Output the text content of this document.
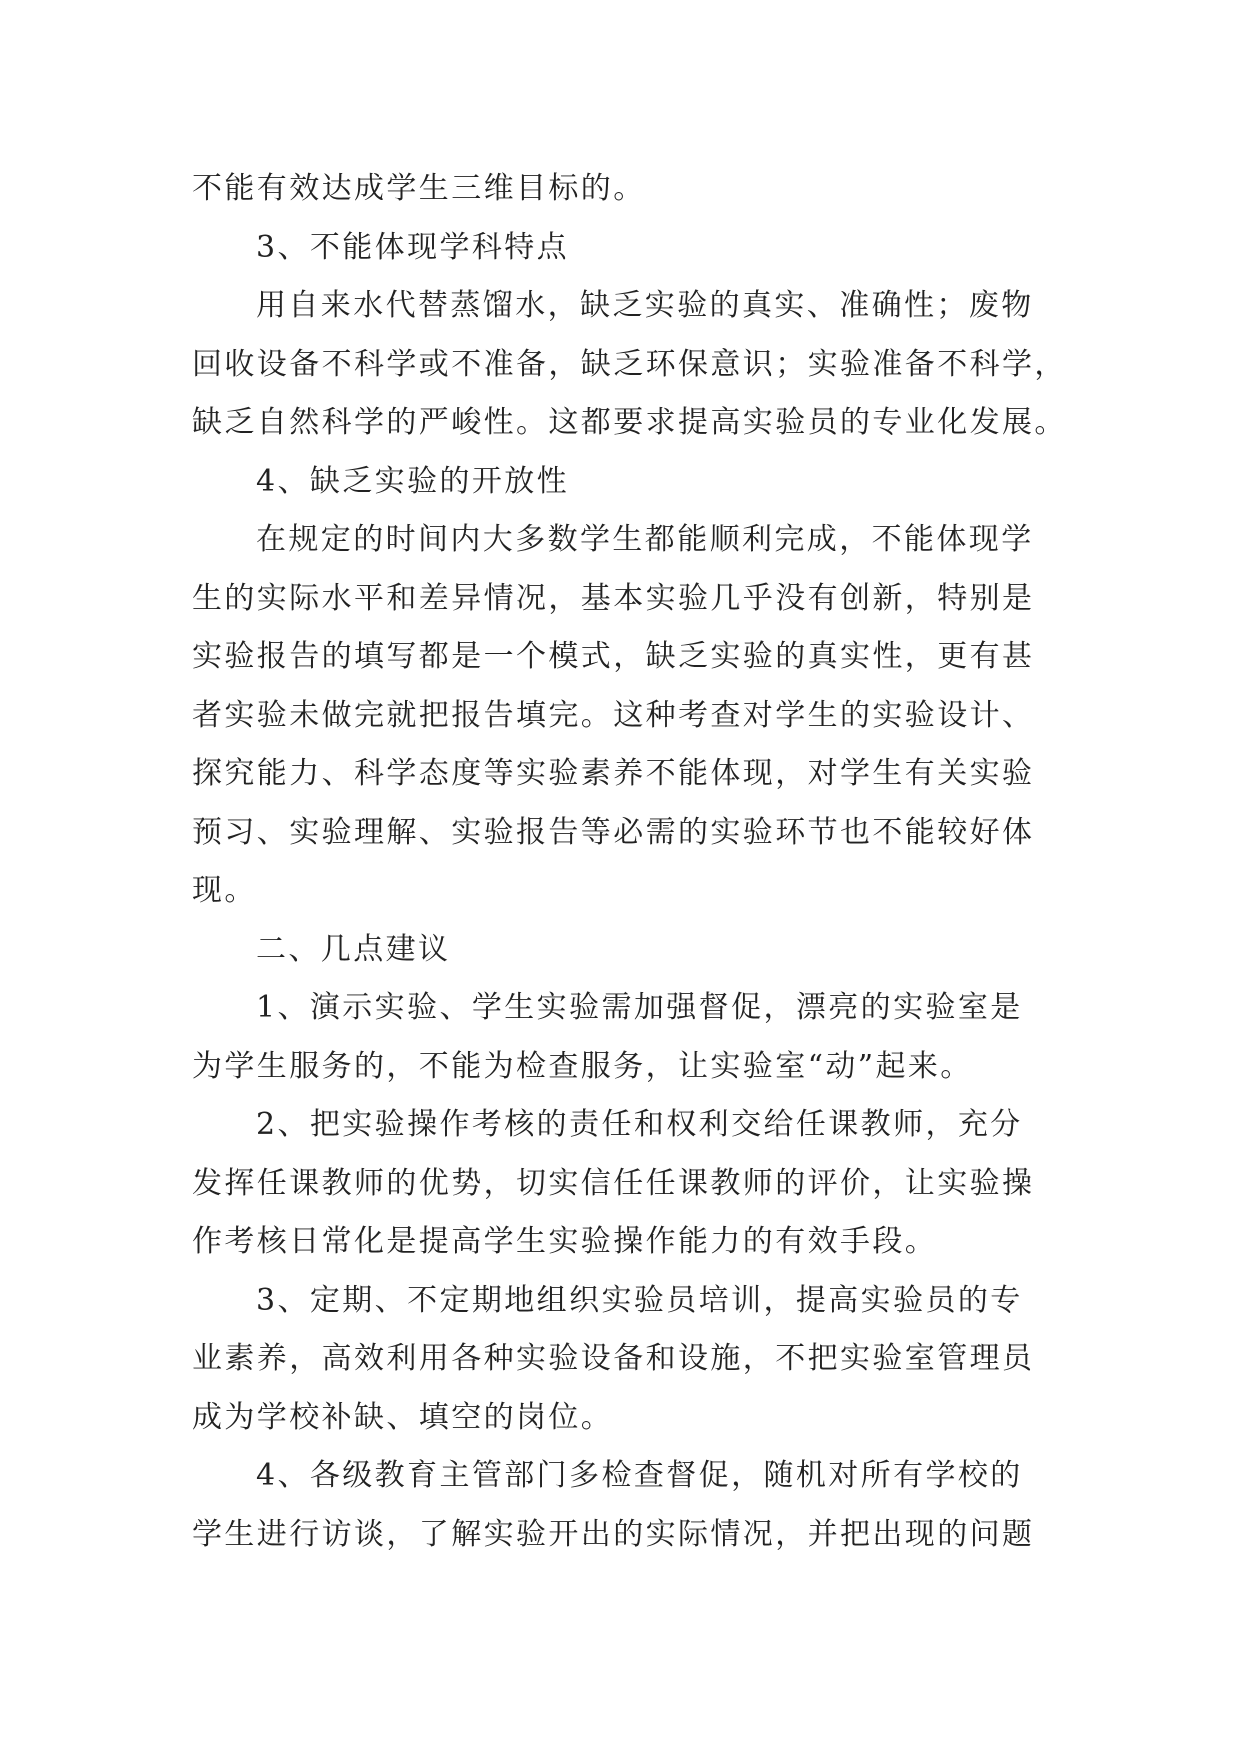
不能有效达成学生三维目标的。
3、不能体现学科特点
用自来水代替蒸馏水，缺乏实验的真实、准确性；废物
回收设备不科学或不准备，缺乏环保意识；实验准备不科学，
缺乏自然科学的严峻性。这都要求提高实验员的专业化发展。
4、缺乏实验的开放性
在规定的时间内大多数学生都能顺利完成，不能体现学
生的实际水平和差异情况，基本实验几乎没有创新，特别是
实验报告的填写都是一个模式，缺乏实验的真实性，更有甚
者实验未做完就把报告填完。这种考查对学生的实验设计、
探究能力、科学态度等实验素养不能体现，对学生有关实验
预习、实验理解、实验报告等必需的实验环节也不能较好体
现。
二、几点建议
1、演示实验、学生实验需加强督促，漂亮的实验室是
为学生服务的，不能为检查服务，让实验室“动”起来。
2、把实验操作考核的责任和权利交给任课教师，充分
发挥任课教师的优势，切实信任任课教师的评价，让实验操
作考核日常化是提高学生实验操作能力的有效手段。
3、定期、不定期地组织实验员培训，提高实验员的专
业素养，高效利用各种实验设备和设施，不把实验室管理员
成为学校补缺、填空的岗位。
4、各级教育主管部门多检查督促，随机对所有学校的
学生进行访谈，了解实验开出的实际情况，并把出现的问题
